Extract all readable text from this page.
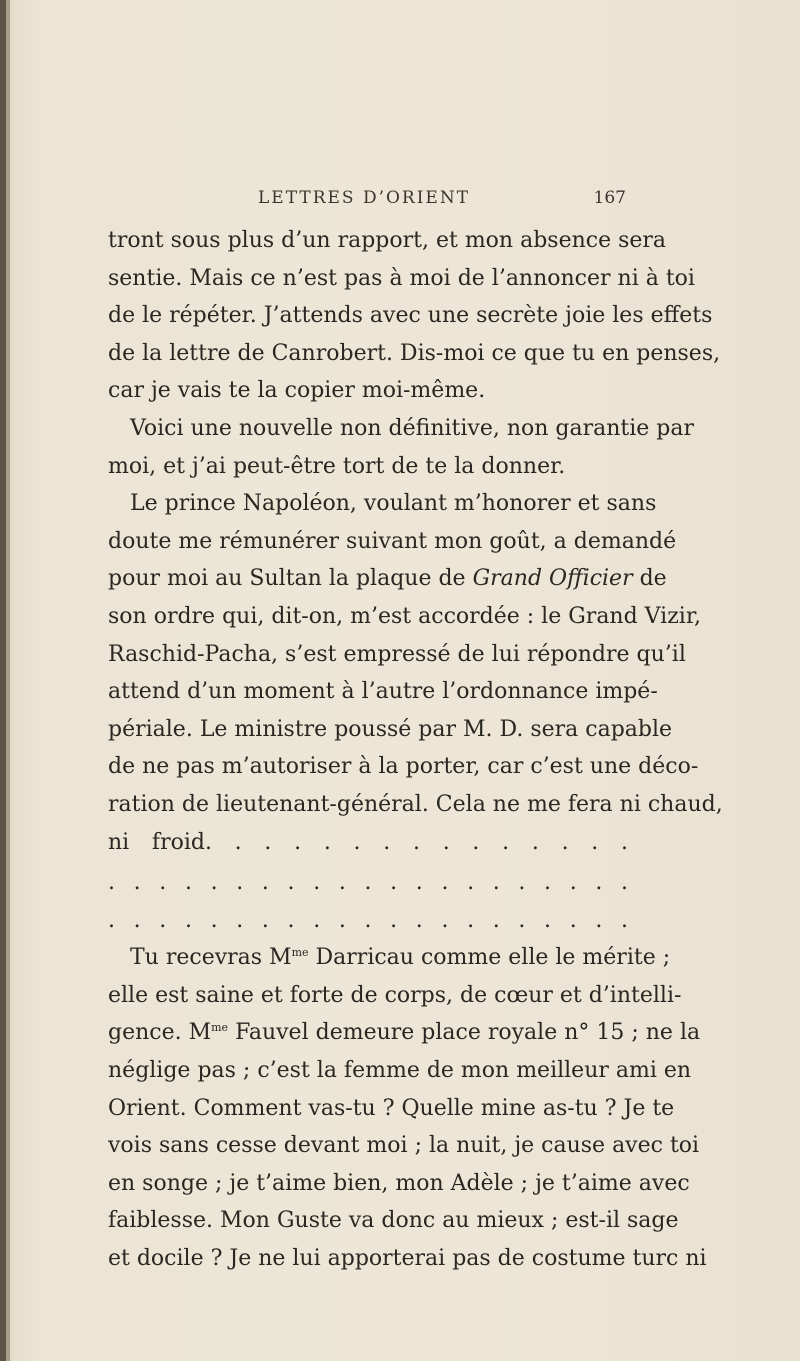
LETTRES D’ORIENT	167
tront sous plus d’un rapport, et mon absence sera
sentie. Mais ce n’est pas à moi de l’annoncer ni à toi
de le répéter. J’attends avec une secrète joie les effets
de la lettre de Canrobert. Dis-moi ce que tu en penses,
car je vais te la copier moi-même.
Voici une nouvelle non définitive, non garantie par
moi, et j’ai peut-être tort de te la donner.
Le prince Napoléon, voulant m’honorer et sans
doute me rémunérer suivant mon goût, a demandé
pour moi au Sultan la plaque de Grand Officier de
son ordre qui, dit-on, m’est accordée : le Grand Vizir,
Raschid-Pacha, s’est empressé de lui répondre qu’il
attend d’un moment à l’autre l’ordonnance impé-
périale. Le ministre poussé par M. D. sera capable
de ne pas m’autoriser à la porter, car c’est une déco-
ration de lieutenant-général. Cela ne me fera ni chaud,
ni froid. . . . . . . . . . . . . . .
. . . . . . . . . . . . . . . . . . . . .
. . . . . . . . . . . . . . . . . . . . .
Tu recevras $M^{me}$ Darricau comme elle le mérite ;
elle est saine et forte de corps, de cœur et d’intelli-
gence. $M^{me}$ Fauvel demeure place royale n° 15 ; ne la
néglige pas ; c’est la femme de mon meilleur ami en
Orient. Comment vas-tu ? Quelle mine as-tu ? Je te
vois sans cesse devant moi ; la nuit, je cause avec toi
en songe ; je t’aime bien, mon Adèle ; je t’aime avec
faiblesse. Mon Guste va donc au mieux ; est-il sage
et docile ? Je ne lui apporterai pas de costume turc ni
